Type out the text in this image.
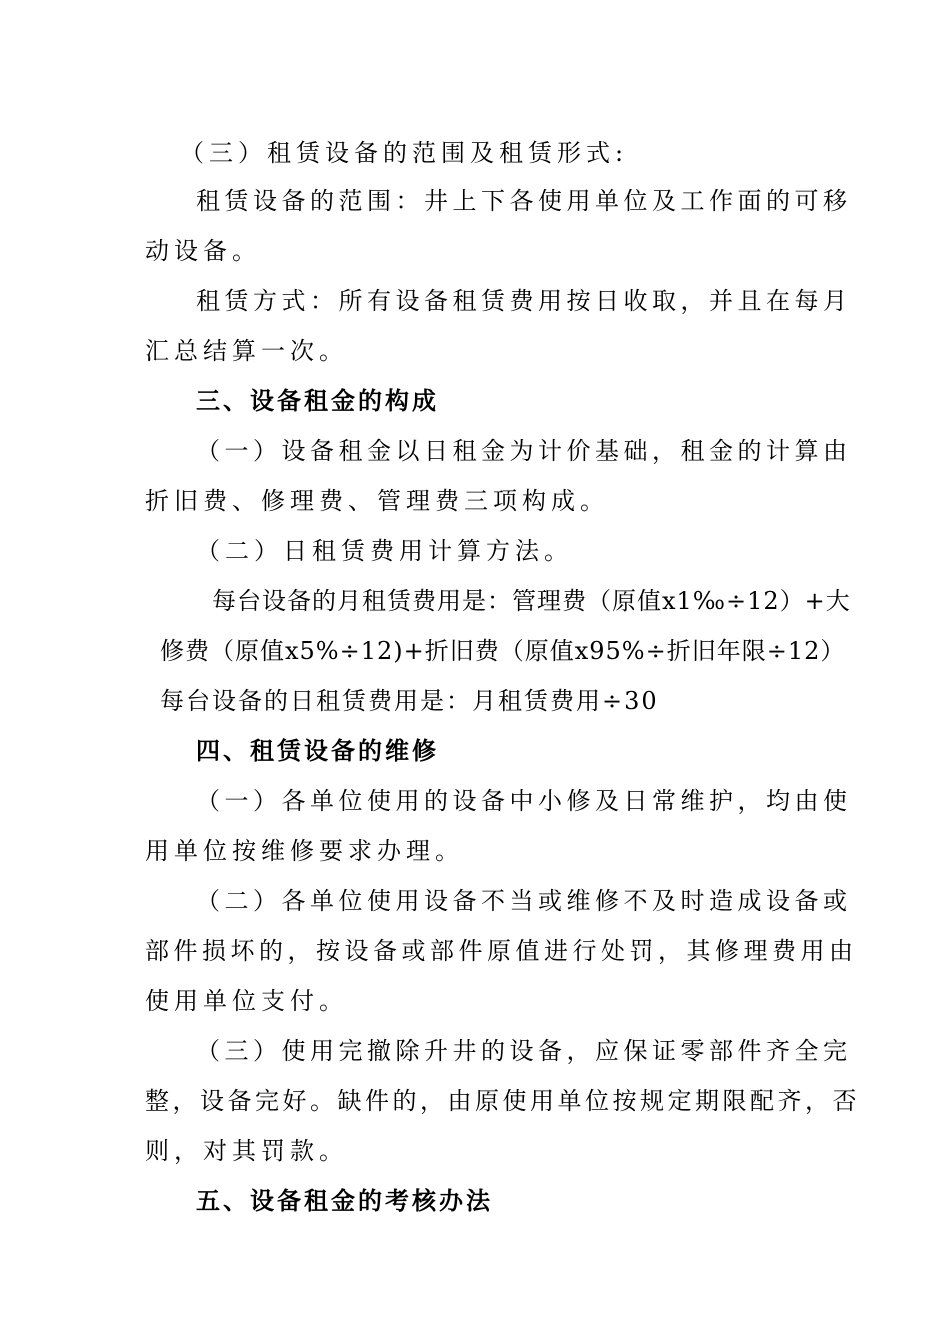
（三）租赁设备的范围及租赁形式:
租赁设备的范围：井上下各使用单位及工作面的可移
动设备。
租赁方式：所有设备租赁费用按日收取，并且在每月
汇总结算一次。
三、设备租金的构成
（一）设备租金以日租金为计价基础，租金的计算由
折旧费、修理费、管理费三项构成。
（二）日租赁费用计算方法。
每台设备的月租赁费用是：管理费（原值x1‰÷12）+大
修费（原值x5%÷12)+折旧费（原值x95%÷折旧年限÷12）
每台设备的日租赁费用是：月租赁费用÷30
四、租赁设备的维修
（一）各单位使用的设备中小修及日常维护，均由使
用单位按维修要求办理。
（二）各单位使用设备不当或维修不及时造成设备或
部件损坏的，按设备或部件原值进行处罚，其修理费用由
使用单位支付。
（三）使用完撤除升井的设备，应保证零部件齐全完
整，设备完好。缺件的，由原使用单位按规定期限配齐，否
则，对其罚款。
五、设备租金的考核办法
